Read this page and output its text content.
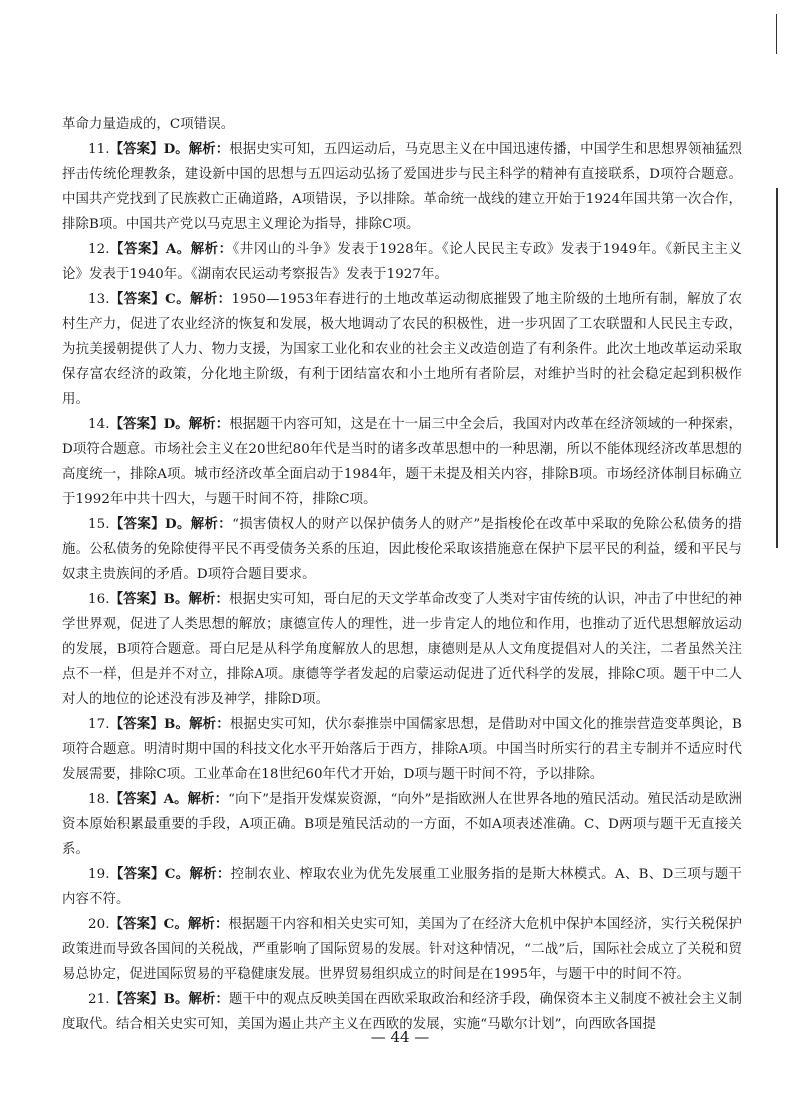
革命力量造成的，C项错误。

11.【答案】D。解析：根据史实可知，五四运动后，马克思主义在中国迅速传播，中国学生和思想界领袖猛烈抨击传统伦理教条，建设新中国的思想与五四运动弘扬了爱国进步与民主科学的精神有直接联系，D项符合题意。中国共产党找到了民族救亡正确道路，A项错误，予以排除。革命统一战线的建立开始于1924年国共第一次合作，排除B项。中国共产党以马克思主义理论为指导，排除C项。

12.【答案】A。解析：《井冈山的斗争》发表于1928年。《论人民民主专政》发表于1949年。《新民主主义论》发表于1940年。《湖南农民运动考察报告》发表于1927年。

13.【答案】C。解析：1950—1953年春进行的土地改革运动彻底摧毁了地主阶级的土地所有制，解放了农村生产力，促进了农业经济的恢复和发展，极大地调动了农民的积极性，进一步巩固了工农联盟和人民民主专政，为抗美援朝提供了人力、物力支援，为国家工业化和农业的社会主义改造创造了有利条件。此次土地改革运动采取保存富农经济的政策，分化地主阶级，有利于团结富农和小土地所有者阶层，对维护当时的社会稳定起到积极作用。

14.【答案】D。解析：根据题干内容可知，这是在十一届三中全会后，我国对内改革在经济领域的一种探索，D项符合题意。市场社会主义在20世纪80年代是当时的诸多改革思想中的一种思潮，所以不能体现经济改革思想的高度统一，排除A项。城市经济改革全面启动于1984年，题干未提及相关内容，排除B项。市场经济体制目标确立于1992年中共十四大，与题干时间不符，排除C项。

15.【答案】D。解析：“损害债权人的财产以保护债务人的财产”是指梭伦在改革中采取的免除公私债务的措施。公私债务的免除使得平民不再受债务关系的压迫，因此梭伦采取该措施意在保护下层平民的利益，缓和平民与奴隶主贵族间的矛盾。D项符合题目要求。

16.【答案】B。解析：根据史实可知，哥白尼的天文学革命改变了人类对宇宙传统的认识，冲击了中世纪的神学世界观，促进了人类思想的解放；康德宣传人的理性，进一步肯定人的地位和作用，也推动了近代思想解放运动的发展，B项符合题意。哥白尼是从科学角度解放人的思想，康德则是从人文角度提倡对人的关注，二者虽然关注点不一样，但是并不对立，排除A项。康德等学者发起的启蒙运动促进了近代科学的发展，排除C项。题干中二人对人的地位的论述没有涉及神学，排除D项。

17.【答案】B。解析：根据史实可知，伏尔泰推崇中国儒家思想，是借助对中国文化的推崇营造变革舆论，B项符合题意。明清时期中国的科技文化水平开始落后于西方，排除A项。中国当时所实行的君主专制并不适应时代发展需要，排除C项。工业革命在18世纪60年代才开始，D项与题干时间不符，予以排除。

18.【答案】A。解析：“向下”是指开发煤炭资源，“向外”是指欧洲人在世界各地的殖民活动。殖民活动是欧洲资本原始积累最重要的手段，A项正确。B项是殖民活动的一方面，不如A项表述准确。C、D两项与题干无直接关系。

19.【答案】C。解析：控制农业、榨取农业为优先发展重工业服务指的是斯大林模式。A、B、D三项与题干内容不符。

20.【答案】C。解析：根据题干内容和相关史实可知，美国为了在经济大危机中保护本国经济，实行关税保护政策进而导致各国间的关税战，严重影响了国际贸易的发展。针对这种情况，“二战”后，国际社会成立了关税和贸易总协定，促进国际贸易的平稳健康发展。世界贸易组织成立的时间是在1995年，与题干中的时间不符。

21.【答案】B。解析：题干中的观点反映美国在西欧采取政治和经济手段，确保资本主义制度不被社会主义制度取代。结合相关史实可知，美国为遏止共产主义在西欧的发展，实施“马歇尔计划”，向西欧各国提

— 44 —
